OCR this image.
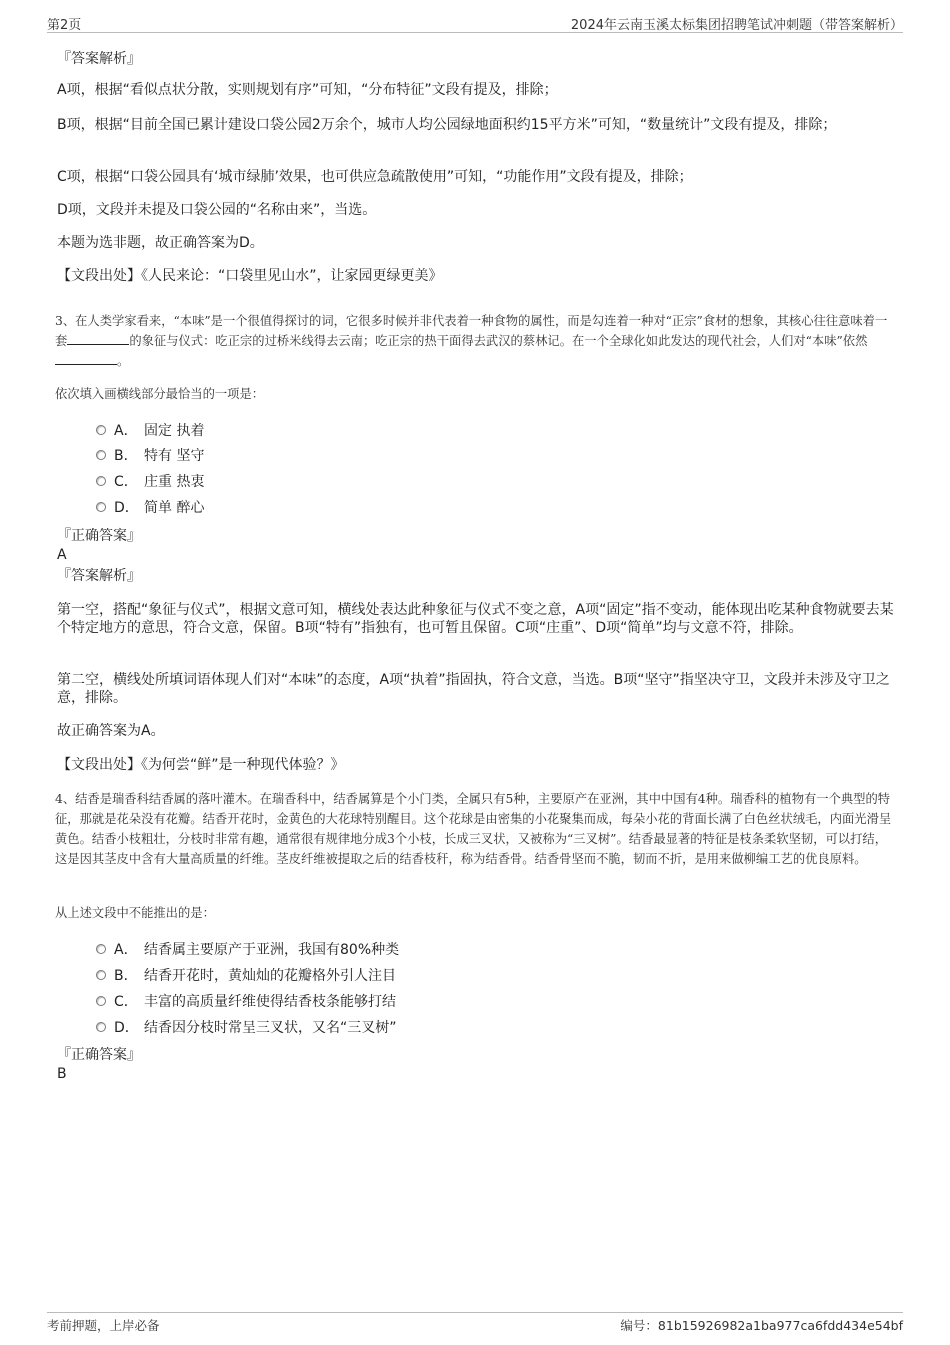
第2页	2024年云南玉溪太标集团招聘笔试冲刺题（带答案解析）
『答案解析』
A项，根据“看似点状分散，实则规划有序”可知，“分布特征”文段有提及，排除；
B项，根据“目前全国已累计建设口袋公园2万余个，城市人均公园绿地面积约15平方米”可知，“数量统计”文段有提及，排除；
C项，根据“口袋公园具有‘城市绿肺’效果，也可供应急疏散使用”可知，“功能作用”文段有提及，排除；
D项，文段并未提及口袋公园的“名称由来”，当选。
本题为选非题，故正确答案为D。
【文段出处】《人民来论：“口袋里见山水”，让家园更绿更美》
3、在人类学家看来，“本味”是一个很值得探讨的词，它很多时候并非代表着一种食物的属性，而是勾连着一种对“正宗”食材的想象，其核心往往意味着一套	的象征与仪式：吃正宗的过桥米线得去云南；吃正宗的热干面得去武汉的蔡林记。在一个全球化如此发达的现代社会，人们对“本味”依然。
依次填入画横线部分最恰当的一项是：
A． 固定 执着
B． 特有 坚守
C． 庄重 热衷
D． 简单 醉心
『正确答案』
A
『答案解析』
第一空，搭配“象征与仪式”，根据文意可知，横线处表达此种象征与仪式不变之意，A项“固定”指不变动，能体现出吃某种食物就要去某个特定地方的意思，符合文意，保留。B项“特有”指独有，也可暂且保留。C项“庄重”、D项“简单”均与文意不符，排除。
第二空，横线处所填词语体现人们对“本味”的态度，A项“执着”指固执，符合文意，当选。B项“坚守”指坚决守卫，文段并未涉及守卫之意，排除。
故正确答案为A。
【文段出处】《为何尝“鲜”是一种现代体验？》
4、结香是瑞香科结香属的落叶灌木。在瑞香科中，结香属算是个小门类，全属只有5种，主要原产在亚洲，其中中国有4种。瑞香科的植物有一个典型的特征，那就是花朵没有花瓣。结香开花时，金黄色的大花球特别醒目。这个花球是由密集的小花聚集而成，每朵小花的背面长满了白色丝状绒毛，内面光滑呈黄色。结香小枝粗壮，分枝时非常有趣，通常很有规律地分成3个小枝，长成三叉状，又被称为“三叉树”。结香最显著的特征是枝条柔软坚韧，可以打结，这是因其茎皮中含有大量高质量的纤维。茎皮纤维被提取之后的结香枝秆，称为结香骨。结香骨坚而不脆，韧而不折，是用来做柳编工艺的优良原料。
从上述文段中不能推出的是：
A． 结香属主要原产于亚洲，我国有80%种类
B． 结香开花时，黄灿灿的花瓣格外引人注目
C． 丰富的高质量纤维使得结香枝条能够打结
D． 结香因分枝时常呈三叉状，又名“三叉树”
『正确答案』
B
考前押题，上岸必备	编号：81b15926982a1ba977ca6fdd434e54bf
